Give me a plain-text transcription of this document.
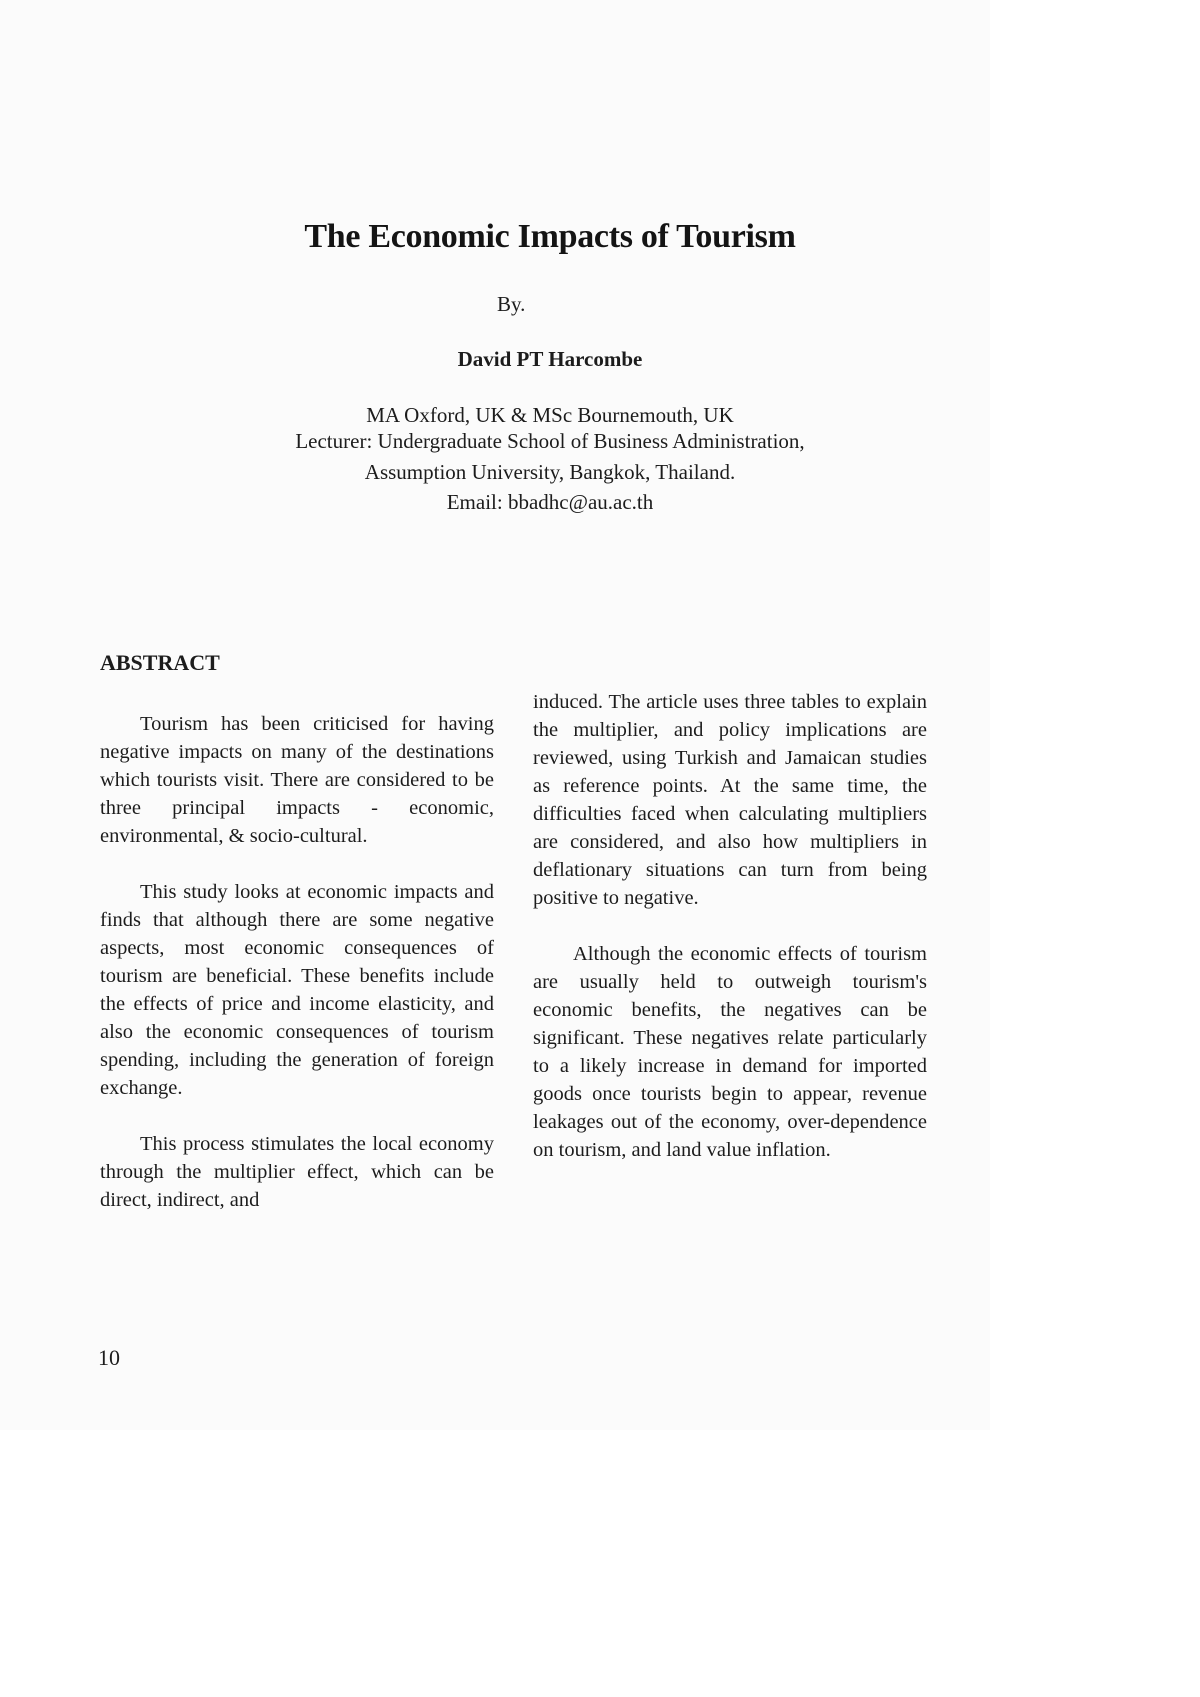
The Economic Impacts of Tourism
By.
David PT Harcombe
MA Oxford, UK & MSc Bournemouth, UK
Lecturer: Undergraduate School of Business Administration,
Assumption University, Bangkok, Thailand.
Email: bbadhc@au.ac.th
ABSTRACT

Tourism has been criticised for having negative impacts on many of the destinations which tourists visit. There are considered to be three principal impacts - economic, environmental, & socio-cultural.

This study looks at economic impacts and finds that although there are some negative aspects, most economic consequences of tourism are beneficial. These benefits include the effects of price and income elasticity, and also the economic consequences of tourism spending, including the generation of foreign exchange.

This process stimulates the local economy through the multiplier effect, which can be direct, indirect, and

induced. The article uses three tables to explain the multiplier, and policy implications are reviewed, using Turkish and Jamaican studies as reference points. At the same time, the difficulties faced when calculating multipliers are considered, and also how multipliers in deflationary situations can turn from being positive to negative.

Although the economic effects of tourism are usually held to outweigh tourism's economic benefits, the negatives can be significant. These negatives relate particularly to a likely increase in demand for imported goods once tourists begin to appear, revenue leakages out of the economy, over-dependence on tourism, and land value inflation.

10
